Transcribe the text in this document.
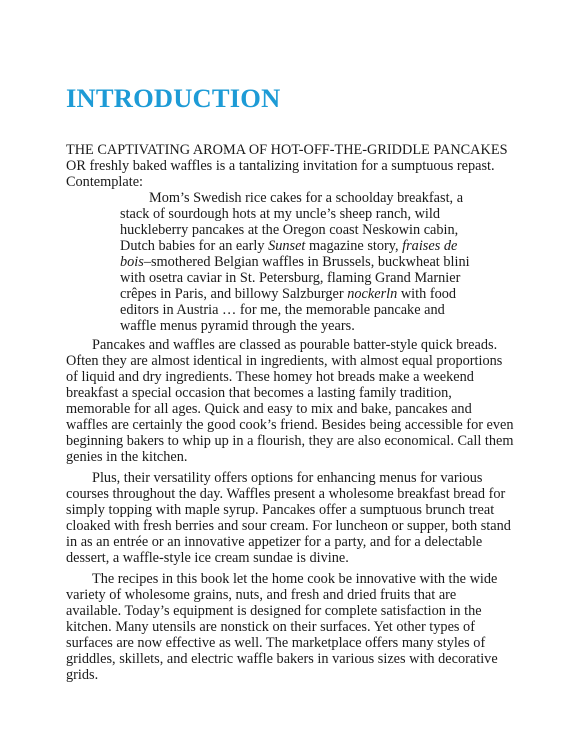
INTRODUCTION

THE CAPTIVATING AROMA OF HOT-OFF-THE-GRIDDLE PANCAKES OR freshly baked waffles is a tantalizing invitation for a sumptuous repast. Contemplate:

Mom’s Swedish rice cakes for a schoolday breakfast, a stack of sourdough hots at my uncle’s sheep ranch, wild huckleberry pancakes at the Oregon coast Neskowin cabin, Dutch babies for an early Sunset magazine story, fraises de bois–smothered Belgian waffles in Brussels, buckwheat blini with osetra caviar in St. Petersburg, flaming Grand Marnier crêpes in Paris, and billowy Salzburger nockerln with food editors in Austria … for me, the memorable pancake and waffle menus pyramid through the years.

Pancakes and waffles are classed as pourable batter-style quick breads. Often they are almost identical in ingredients, with almost equal proportions of liquid and dry ingredients. These homey hot breads make a weekend breakfast a special occasion that becomes a lasting family tradition, memorable for all ages. Quick and easy to mix and bake, pancakes and waffles are certainly the good cook’s friend. Besides being accessible for even beginning bakers to whip up in a flourish, they are also economical. Call them genies in the kitchen.

Plus, their versatility offers options for enhancing menus for various courses throughout the day. Waffles present a wholesome breakfast bread for simply topping with maple syrup. Pancakes offer a sumptuous brunch treat cloaked with fresh berries and sour cream. For luncheon or supper, both stand in as an entrée or an innovative appetizer for a party, and for a delectable dessert, a waffle-style ice cream sundae is divine.

The recipes in this book let the home cook be innovative with the wide variety of wholesome grains, nuts, and fresh and dried fruits that are available. Today’s equipment is designed for complete satisfaction in the kitchen. Many utensils are nonstick on their surfaces. Yet other types of surfaces are now effective as well. The marketplace offers many styles of griddles, skillets, and electric waffle bakers in various sizes with decorative grids.
